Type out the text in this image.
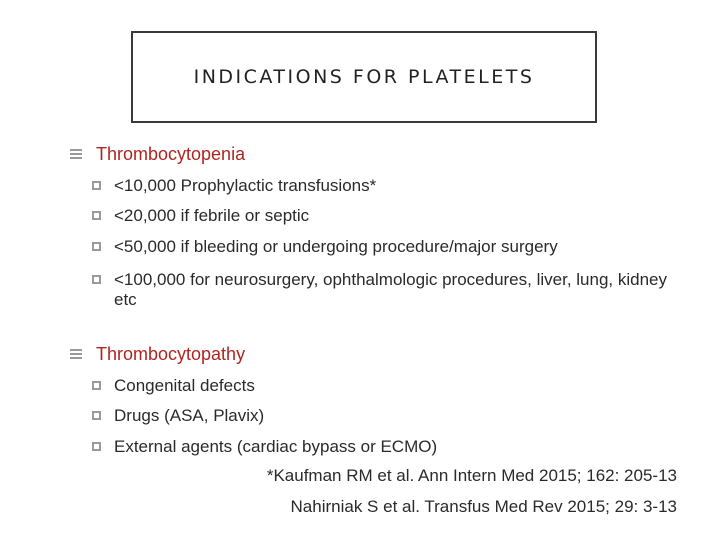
INDICATIONS FOR PLATELETS
Thrombocytopenia
<10,000 Prophylactic transfusions*
<20,000 if febrile or septic
<50,000 if bleeding or undergoing procedure/major surgery
<100,000 for neurosurgery, ophthalmologic procedures, liver, lung, kidney etc
Thrombocytopathy
Congenital defects
Drugs (ASA, Plavix)
External agents (cardiac bypass or ECMO)
*Kaufman RM et al. Ann Intern Med 2015; 162: 205-13
Nahirniak S et al. Transfus Med Rev 2015; 29: 3-13
